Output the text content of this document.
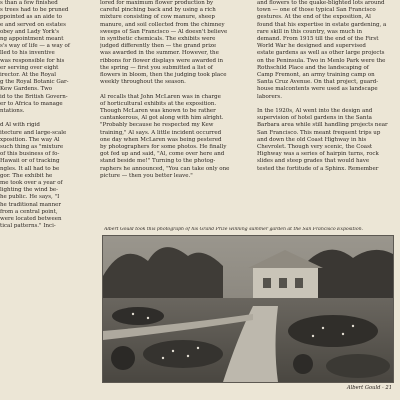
s than a few finished

s trees had to be pruned

ppointed as an aide to

e and served on estates

obey and Lady York's

ng appointment meant

s's way of life — a way of

lled to his inventive

was responsible for his

er serving over eight

irector. At the Royal

g the Royal Botanic Gar-

Kew Gardens. Two

id to the British Govern-

er to Africa to manage

ntations.

d Al with rigid

itecture and large-scale

xposition. The way Al

such thing as "mixture

of this business of fo-

Hawaii or of tracking

ngles. It all had to be

gor. The exhibit he

me took over a year of

lighting the wind be-

he public. He says, "I

he traditional manner

from a central point,

were located between

tical patterns." Inci-

lored for maximum flower production by

careful pinching back and by using a rich

mixture consisting of cow manure, sheep

manure, and soil collected from the chimney

sweeps of San Francisco — Al doesn't believe

in synthetic chemicals. The exhibits were

judged differently then — the grand prize

was awarded in the summer. However, the

ribbons for flower displays were awarded in

the spring — first you submitted a list of

flowers in bloom, then the judging took place

weekly throughout the season.

Al recalls that John McLaren was in charge

of horticultural exhibits at the exposition.

Though McLaren was known to be rather

cantankerous, Al got along with him alright.

"Probably because he respected my Kew

training," Al says. A little incident occurred

one day when McLaren was being pestered

by photographers for some photos. He finally

got fed up and said, "Al, come over here and

stand beside me!" Turning to the photog-

raphers he announced, "You can take only one

picture — then you better leave."

and flowers to the quake-blighted lots around

town — one of those typical San Francisco

gestures. At the end of the exposition, Al

found that his expertise in estate gardening, a

rare skill in this country, was much in

demand. From 1915 till the end of the First

World War he designed and supervised

estate gardens as well as other large projects

on the Peninsula. Two in Menlo Park were the

Rothschild Place and the landscaping of

Camp Fremont, an army training camp on

Santa Cruz Avenue. On that project, guard-

house malcontents were used as landscape

laborers.

In the 1920s, Al went into the design and

supervision of hotel gardens in the Santa

Barbara area while still handling projects near

San Francisco. This meant frequent trips up

and down the old Coast Highway in his

Chevrolet. Though very scenic, the Coast

Highway was a series of hairpin turns, rock

slides and steep grades that would have

tested the fortitude of a Sphinx. Remember

Albert Gould took this photograph of his Grand Prize winning summer garden at the San Francisco Exposition.
Albert Gould · 21
